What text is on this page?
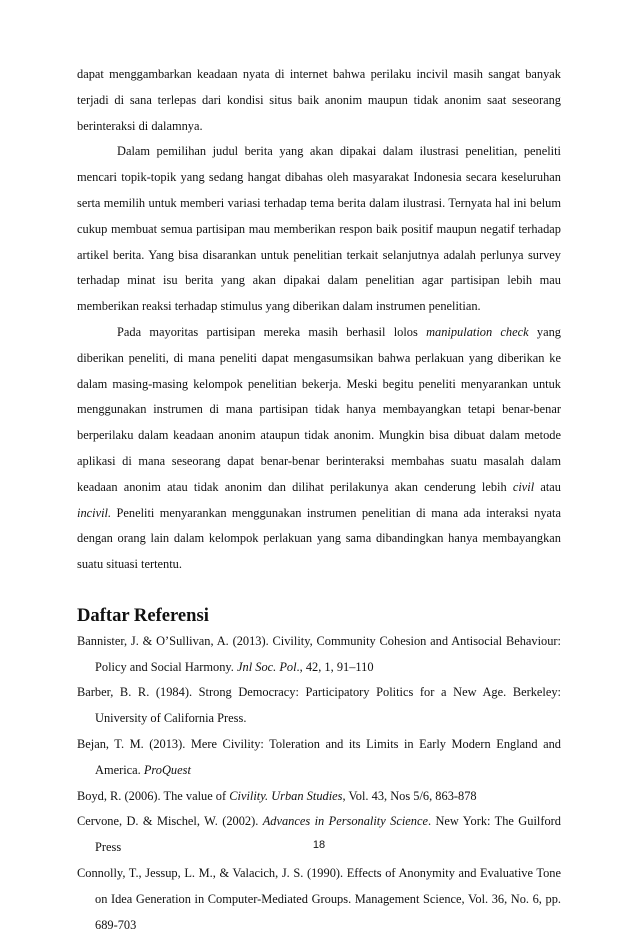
dapat menggambarkan keadaan nyata di internet bahwa perilaku incivil masih sangat banyak terjadi di sana terlepas dari kondisi situs baik anonim maupun tidak anonim saat seseorang berinteraksi di dalamnya.

Dalam pemilihan judul berita yang akan dipakai dalam ilustrasi penelitian, peneliti mencari topik-topik yang sedang hangat dibahas oleh masyarakat Indonesia secara keseluruhan serta memilih untuk memberi variasi terhadap tema berita dalam ilustrasi. Ternyata hal ini belum cukup membuat semua partisipan mau memberikan respon baik positif maupun negatif terhadap artikel berita. Yang bisa disarankan untuk penelitian terkait selanjutnya adalah perlunya survey terhadap minat isu berita yang akan dipakai dalam penelitian agar partisipan lebih mau memberikan reaksi terhadap stimulus yang diberikan dalam instrumen penelitian.

Pada mayoritas partisipan mereka masih berhasil lolos manipulation check yang diberikan peneliti, di mana peneliti dapat mengasumsikan bahwa perlakuan yang diberikan ke dalam masing-masing kelompok penelitian bekerja. Meski begitu peneliti menyarankan untuk menggunakan instrumen di mana partisipan tidak hanya membayangkan tetapi benar-benar berperilaku dalam keadaan anonim ataupun tidak anonim. Mungkin bisa dibuat dalam metode aplikasi di mana seseorang dapat benar-benar berinteraksi membahas suatu masalah dalam keadaan anonim atau tidak anonim dan dilihat perilakunya akan cenderung lebih civil atau incivil. Peneliti menyarankan menggunakan instrumen penelitian di mana ada interaksi nyata dengan orang lain dalam kelompok perlakuan yang sama dibandingkan hanya membayangkan suatu situasi tertentu.

Daftar Referensi

Bannister, J. & O’Sullivan, A. (2013). Civility, Community Cohesion and Antisocial Behaviour: Policy and Social Harmony. Jnl Soc. Pol., 42, 1, 91–110

Barber, B. R. (1984). Strong Democracy: Participatory Politics for a New Age. Berkeley: University of California Press.

Bejan, T. M. (2013). Mere Civility: Toleration and its Limits in Early Modern England and America. ProQuest

Boyd, R. (2006). The value of Civility. Urban Studies, Vol. 43, Nos 5/6, 863-878

Cervone, D. & Mischel, W. (2002). Advances in Personality Science. New York: The Guilford Press

Connolly, T., Jessup, L. M., & Valacich, J. S. (1990). Effects of Anonymity and Evaluative Tone on Idea Generation in Computer-Mediated Groups. Management Science, Vol. 36, No. 6, pp. 689-703

18
